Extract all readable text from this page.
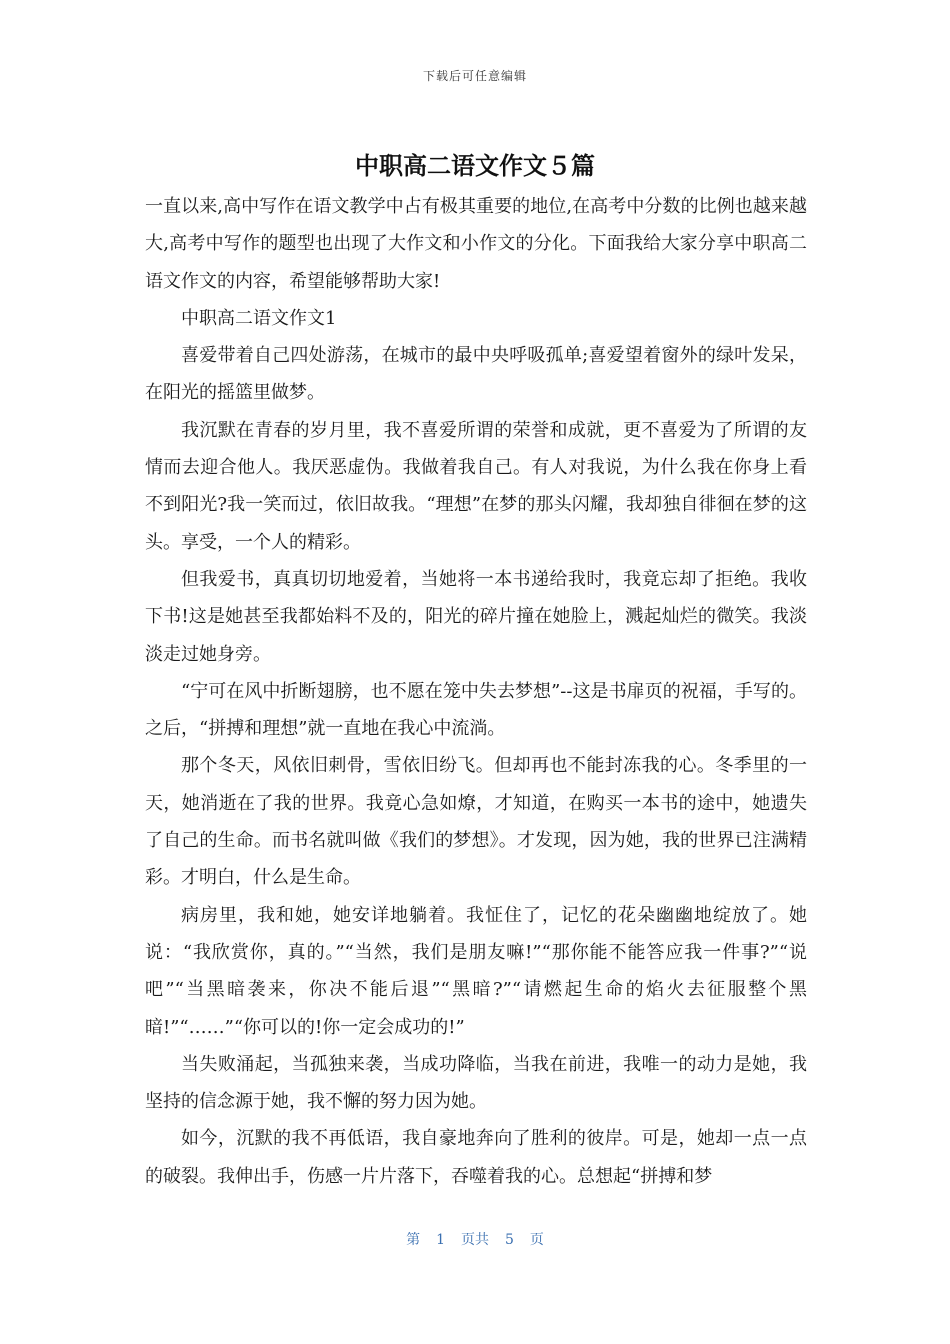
下载后可任意编辑
中职高二语文作文５篇

一直以来,高中写作在语文教学中占有极其重要的地位,在高考中分数的比例也越来越大,高考中写作的题型也出现了大作文和小作文的分化。下面我给大家分享中职高二语文作文的内容，希望能够帮助大家!

中职高二语文作文1

喜爱带着自己四处游荡，在城市的最中央呼吸孤单;喜爱望着窗外的绿叶发呆，在阳光的摇篮里做梦。

我沉默在青春的岁月里，我不喜爱所谓的荣誉和成就，更不喜爱为了所谓的友情而去迎合他人。我厌恶虚伪。我做着我自己。有人对我说，为什么我在你身上看不到阳光?我一笑而过，依旧故我。“理想”在梦的那头闪耀，我却独自徘徊在梦的这头。享受，一个人的精彩。

但我爱书，真真切切地爱着，当她将一本书递给我时，我竟忘却了拒绝。我收下书!这是她甚至我都始料不及的，阳光的碎片撞在她脸上，溅起灿烂的微笑。我淡淡走过她身旁。

“宁可在风中折断翅膀，也不愿在笼中失去梦想”--这是书扉页的祝福，手写的。之后，“拼搏和理想”就一直地在我心中流淌。

那个冬天，风依旧刺骨，雪依旧纷飞。但却再也不能封冻我的心。冬季里的一天，她消逝在了我的世界。我竟心急如燎，才知道，在购买一本书的途中，她遗失了自己的生命。而书名就叫做《我们的梦想》。才发现，因为她，我的世界已注满精彩。才明白，什么是生命。

病房里，我和她，她安详地躺着。我怔住了，记忆的花朵幽幽地绽放了。她说：“我欣赏你，真的。”“当然，我们是朋友嘛!”“那你能不能答应我一件事?”“说吧”“当黑暗袭来，你决不能后退”“黑暗?”“请燃起生命的焰火去征服整个黑暗!”“……”“你可以的!你一定会成功的!”

当失败涌起，当孤独来袭，当成功降临，当我在前进，我唯一的动力是她，我坚持的信念源于她，我不懈的努力因为她。

如今，沉默的我不再低语，我自豪地奔向了胜利的彼岸。可是，她却一点一点的破裂。我伸出手，伤感一片片落下，吞噬着我的心。总想起“拼搏和梦

第 1 页共 5 页
